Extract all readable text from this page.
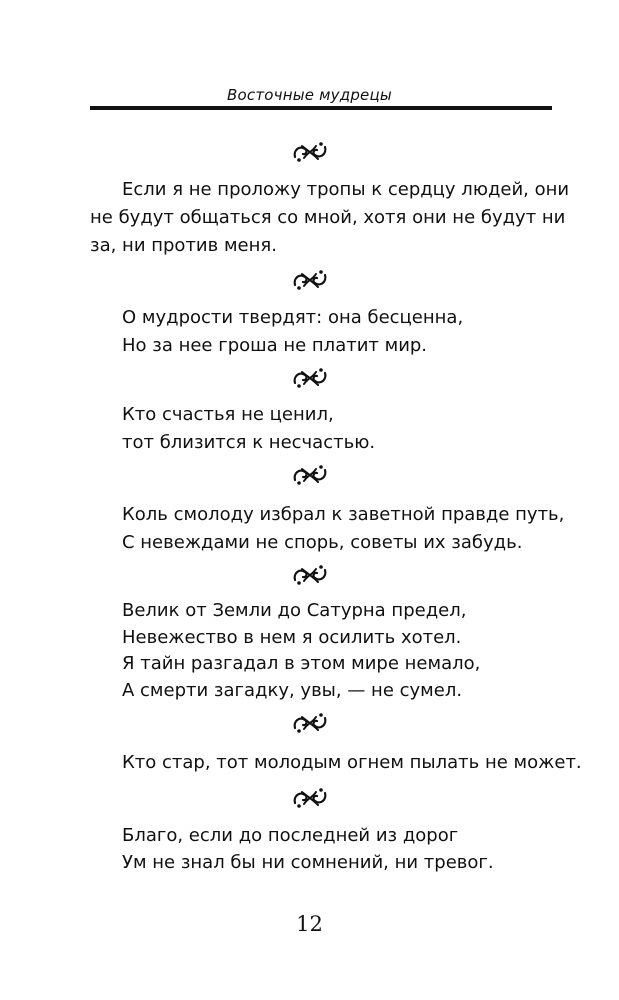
Восточные мудрецы
Если я не проложу тропы к сердцу людей, они
не будут общаться со мной, хотя они не будут ни
за, ни против меня.
О мудрости твердят: она бесценна,
Но за нее гроша не платит мир.
Кто счастья не ценил,
тот близится к несчастью.
Коль смолоду избрал к заветной правде путь,
С невеждами не спорь, советы их забудь.
Велик от Земли до Сатурна предел,
Невежество в нем я осилить хотел.
Я тайн разгадал в этом мире немало,
А смерти загадку, увы, — не сумел.
Кто стар, тот молодым огнем пылать не может.
Благо, если до последней из дорог
Ум не знал бы ни сомнений, ни тревог.
12
